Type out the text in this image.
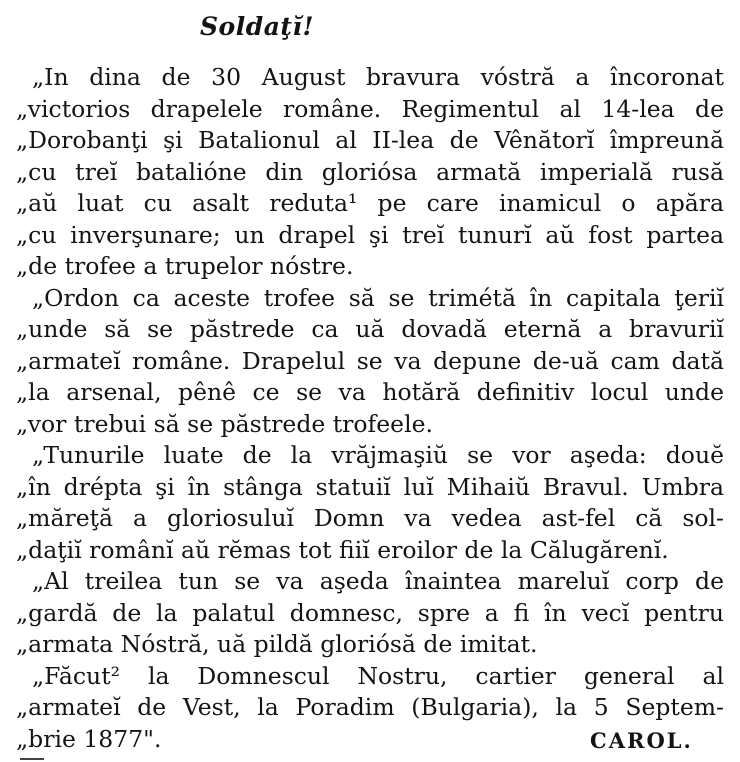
Soldaţĭ!
„In dina de 30 August bravura vóstră a încoronat
„victorios drapelele române. Regimentul al 14-lea de
„Dorobanţi şi Batalionul al II-lea de Vênătorĭ împreună
„cu treĭ batalióne din gloriósa armată imperială rusă
„aŭ luat cu asalt reduta¹ pe care inamicul o apăra
„cu inverşunare; un drapel şi treĭ tunurĭ aŭ fost partea
„de trofee a trupelor nóstre.
„Ordon ca aceste trofee să se trimétă în capitala ţeriĭ
„unde să se păstrede ca uă dovadă eternă a bravuriĭ
„armateĭ române. Drapelul se va depune de-uă cam dată
„la arsenal, pênê ce se va hotără definitiv locul unde
„vor trebui să se păstrede trofeele.
„Tunurile luate de la vrăjmaşiŭ se vor aşeda: douĕ
„în drépta şi în stânga statuiĭ luĭ Mihaiŭ Bravul. Umbra
„măreţă a gloriosuluĭ Domn va vedea ast-fel că sol-
„daţiĭ românĭ aŭ rĕmas tot fiiĭ eroilor de la Călugărenĭ.
„Al treilea tun se va aşeda înaintea mareluĭ corp de
„gardă de la palatul domnesc, spre a fi în vecĭ pentru
„armata Nóstră, uă pildă gloriósă de imitat.
„Făcut² la Domnescul Nostru, cartier general al
„armateĭ de Vest, la Poradim (Bulgaria), la 5 Septem-
„brie 1877".	CAROL.
